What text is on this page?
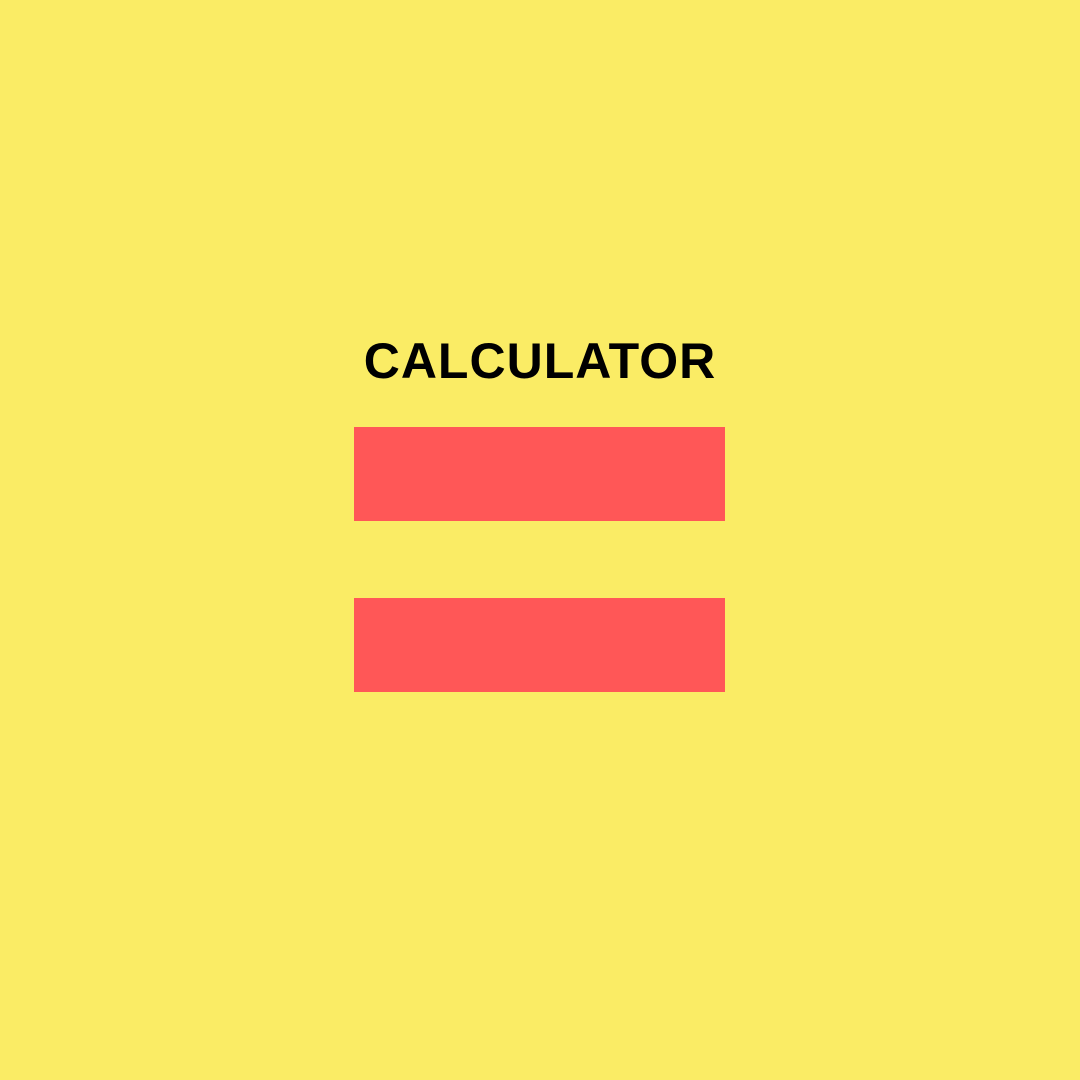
CALCULATOR
